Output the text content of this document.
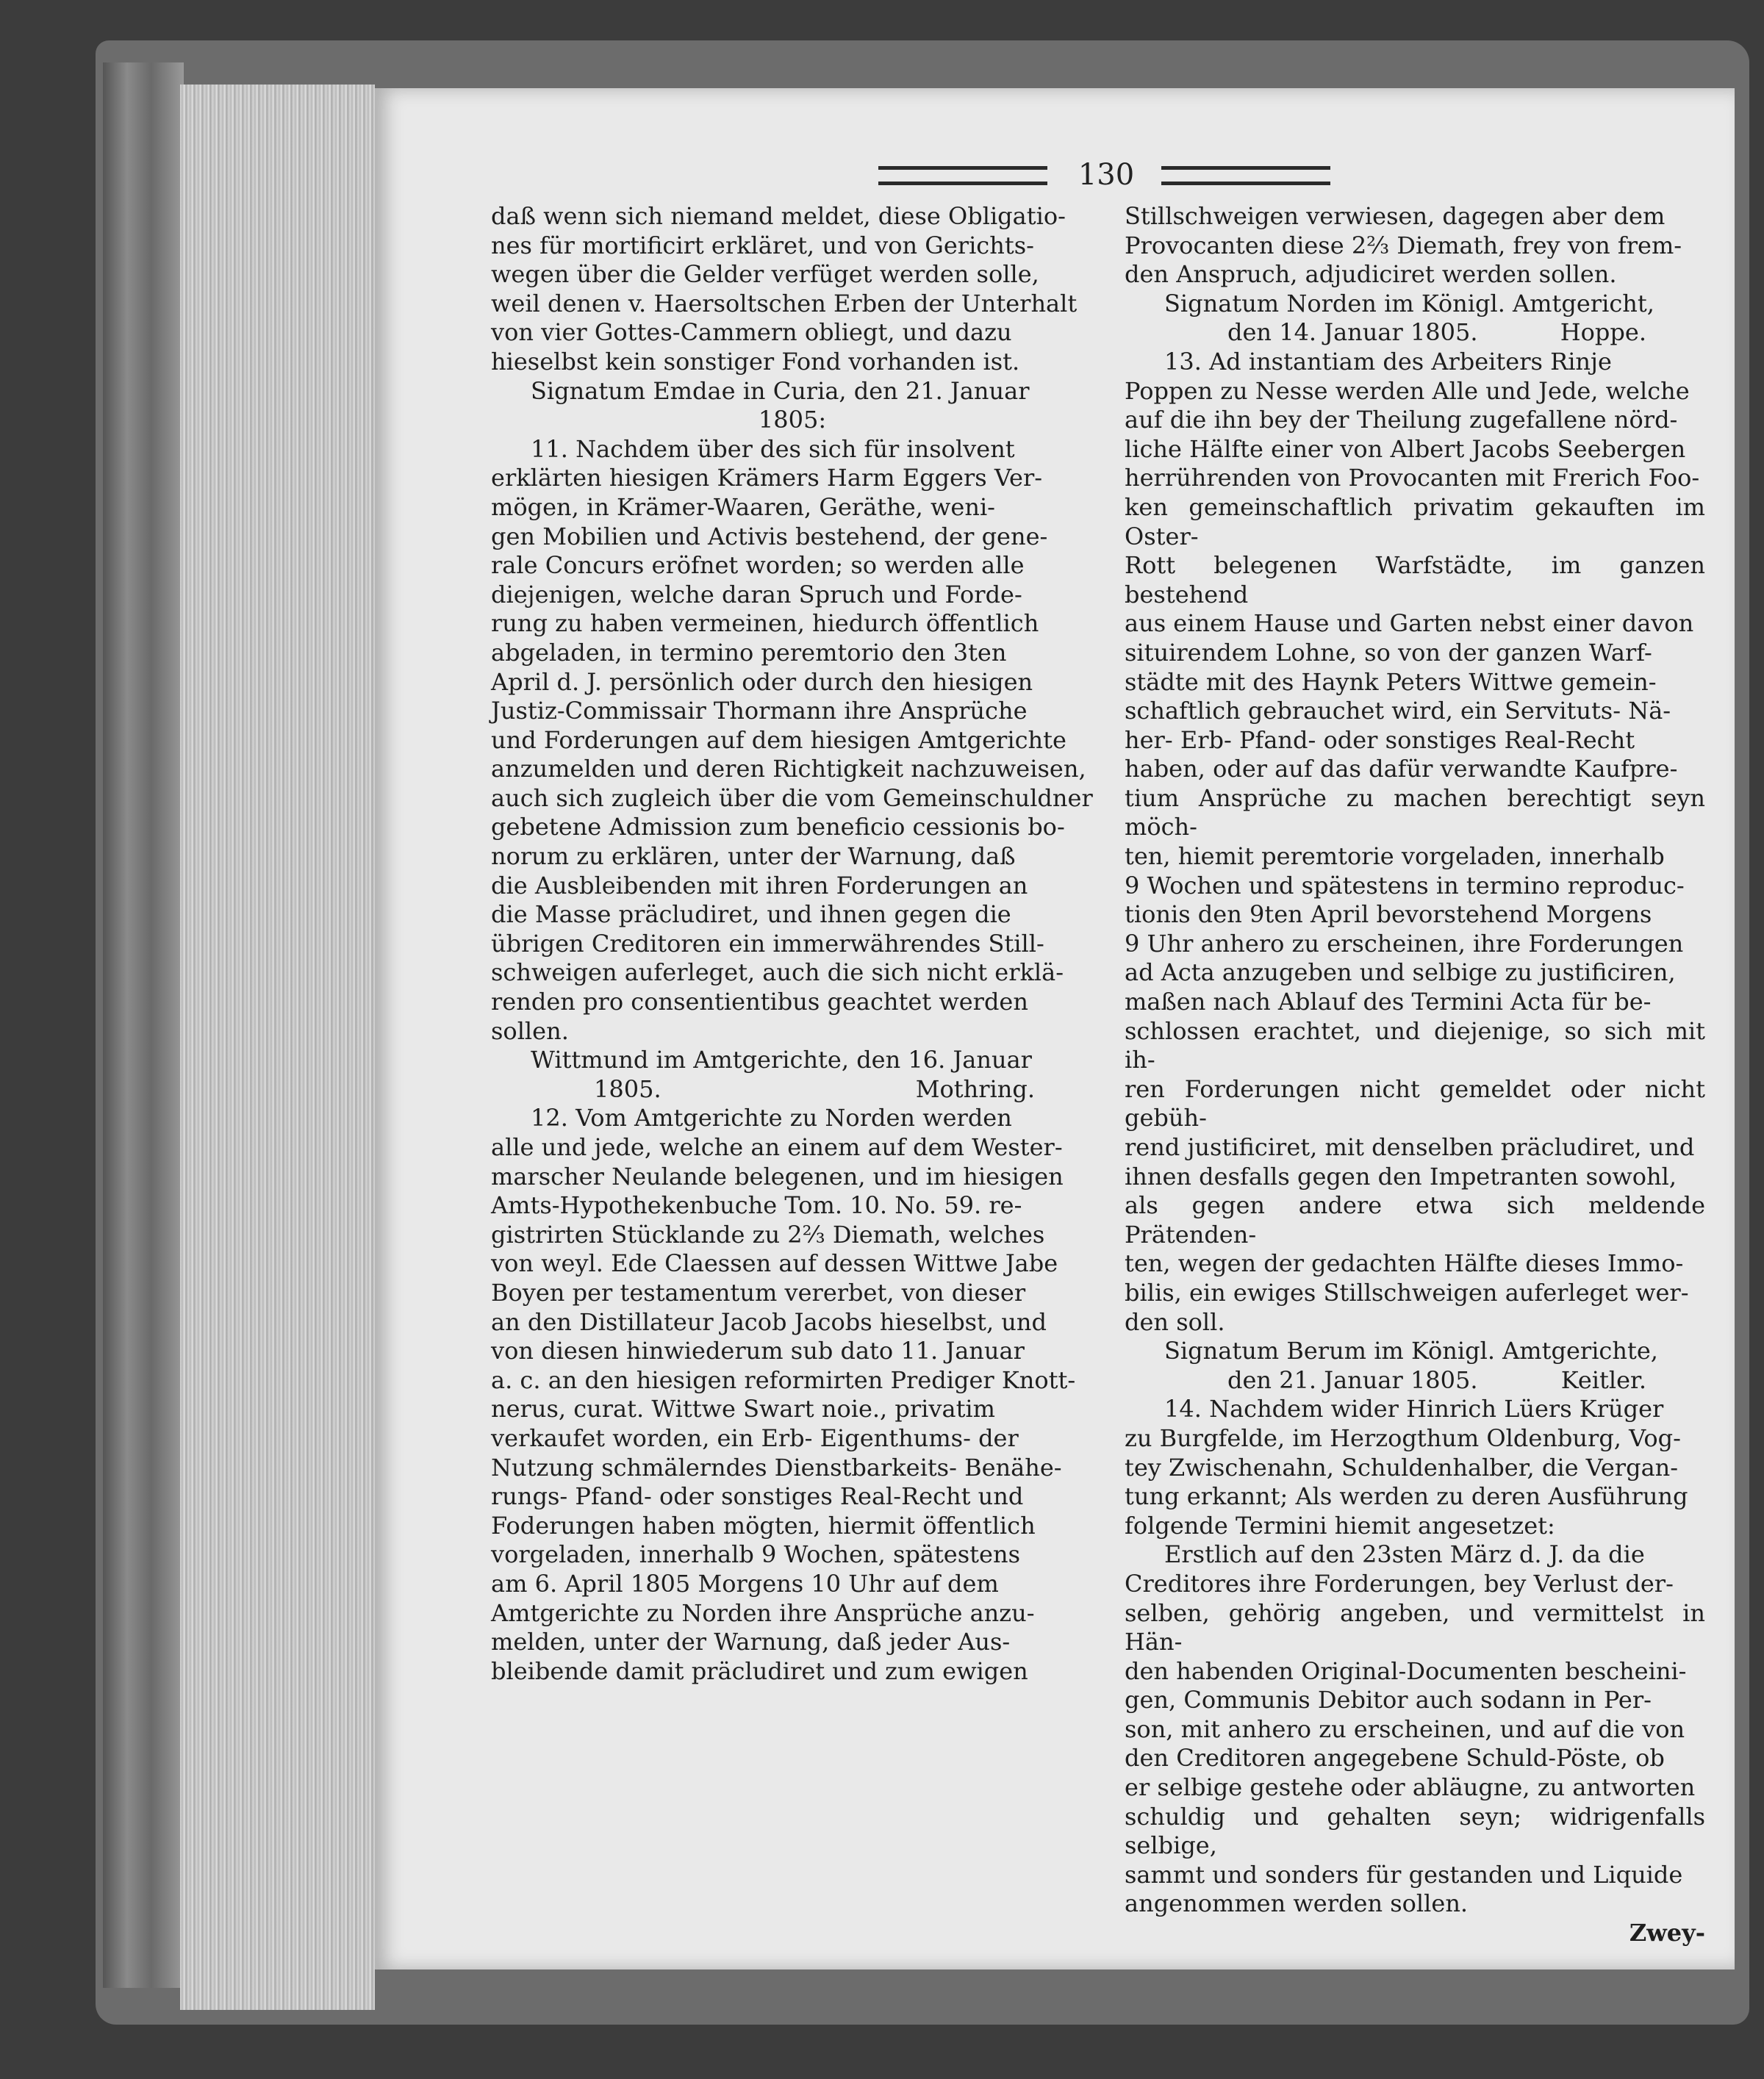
130

daß wenn sich niemand meldet, diese Obligatio-

nes für mortificirt erkläret, und von Gerichts-

wegen über die Gelder verfüget werden solle,

weil denen v. Haersoltschen Erben der Unterhalt

von vier Gottes-Cammern obliegt, und dazu

hieselbst kein sonstiger Fond vorhanden ist.

Signatum Emdae in Curia, den 21. Januar

1805:

11. Nachdem über des sich für insolvent

erklärten hiesigen Krämers Harm Eggers Ver-

mögen, in Krämer-Waaren, Geräthe, weni-

gen Mobilien und Activis bestehend, der gene-

rale Concurs eröfnet worden; so werden alle

diejenigen, welche daran Spruch und Forde-

rung zu haben vermeinen, hiedurch öffentlich

abgeladen, in termino peremtorio den 3ten

April d. J. persönlich oder durch den hiesigen

Justiz-Commissair Thormann ihre Ansprüche

und Forderungen auf dem hiesigen Amtgerichte

anzumelden und deren Richtigkeit nachzuweisen,

auch sich zugleich über die vom Gemeinschuldner

gebetene Admission zum beneficio cessionis bo-

norum zu erklären, unter der Warnung, daß

die Ausbleibenden mit ihren Forderungen an

die Masse präcludiret, und ihnen gegen die

übrigen Creditoren ein immerwährendes Still-

schweigen auferleget, auch die sich nicht erklä-

renden pro consentientibus geachtet werden

sollen.

Wittmund im Amtgerichte, den 16. Januar

1805.	Mothring.

12. Vom Amtgerichte zu Norden werden

alle und jede, welche an einem auf dem Wester-

marscher Neulande belegenen, und im hiesigen

Amts-Hypothekenbuche Tom. 10. No. 59. re-

gistrirten Stücklande zu 2⅔ Diemath, welches

von weyl. Ede Claessen auf dessen Wittwe Jabe

Boyen per testamentum vererbet, von dieser

an den Distillateur Jacob Jacobs hieselbst, und

von diesen hinwiederum sub dato 11. Januar

a. c. an den hiesigen reformirten Prediger Knott-

nerus, curat. Wittwe Swart noie., privatim

verkaufet worden, ein Erb- Eigenthums- der

Nutzung schmälerndes Dienstbarkeits- Benähe-

rungs- Pfand- oder sonstiges Real-Recht und

Foderungen haben mögten, hiermit öffentlich

vorgeladen, innerhalb 9 Wochen, spätestens

am 6. April 1805 Morgens 10 Uhr auf dem

Amtgerichte zu Norden ihre Ansprüche anzu-

melden, unter der Warnung, daß jeder Aus-

bleibende damit präcludiret und zum ewigen

Stillschweigen verwiesen, dagegen aber dem

Provocanten diese 2⅔ Diemath, frey von frem-

den Anspruch, adjudiciret werden sollen.

Signatum Norden im Königl. Amtgericht,

den 14. Januar 1805.	Hoppe.

13. Ad instantiam des Arbeiters Rinje

Poppen zu Nesse werden Alle und Jede, welche

auf die ihn bey der Theilung zugefallene nörd-

liche Hälfte einer von Albert Jacobs Seebergen

herrührenden von Provocanten mit Frerich Foo-

ken gemeinschaftlich privatim gekauften im Oster-

Rott belegenen Warfstädte, im ganzen bestehend

aus einem Hause und Garten nebst einer davon

situirendem Lohne, so von der ganzen Warf-

städte mit des Haynk Peters Wittwe gemein-

schaftlich gebrauchet wird, ein Servituts- Nä-

her- Erb- Pfand- oder sonstiges Real-Recht

haben, oder auf das dafür verwandte Kaufpre-

tium Ansprüche zu machen berechtigt seyn möch-

ten, hiemit peremtorie vorgeladen, innerhalb

9 Wochen und spätestens in termino reproduc-

tionis den 9ten April bevorstehend Morgens

9 Uhr anhero zu erscheinen, ihre Forderungen

ad Acta anzugeben und selbige zu justificiren,

maßen nach Ablauf des Termini Acta für be-

schlossen erachtet, und diejenige, so sich mit ih-

ren Forderungen nicht gemeldet oder nicht gebüh-

rend justificiret, mit denselben präcludiret, und

ihnen desfalls gegen den Impetranten sowohl,

als gegen andere etwa sich meldende Prätenden-

ten, wegen der gedachten Hälfte dieses Immo-

bilis, ein ewiges Stillschweigen auferleget wer-

den soll.

Signatum Berum im Königl. Amtgerichte,

den 21. Januar 1805.	Keitler.

14. Nachdem wider Hinrich Lüers Krüger

zu Burgfelde, im Herzogthum Oldenburg, Vog-

tey Zwischenahn, Schuldenhalber, die Vergan-

tung erkannt; Als werden zu deren Ausführung

folgende Termini hiemit angesetzet:

Erstlich auf den 23sten März d. J. da die

Creditores ihre Forderungen, bey Verlust der-

selben, gehörig angeben, und vermittelst in Hän-

den habenden Original-Documenten bescheini-

gen, Communis Debitor auch sodann in Per-

son, mit anhero zu erscheinen, und auf die von

den Creditoren angegebene Schuld-Pöste, ob

er selbige gestehe oder abläugne, zu antworten

schuldig und gehalten seyn; widrigenfalls selbige,

sammt und sonders für gestanden und Liquide

angenommen werden sollen.

Zwey-
